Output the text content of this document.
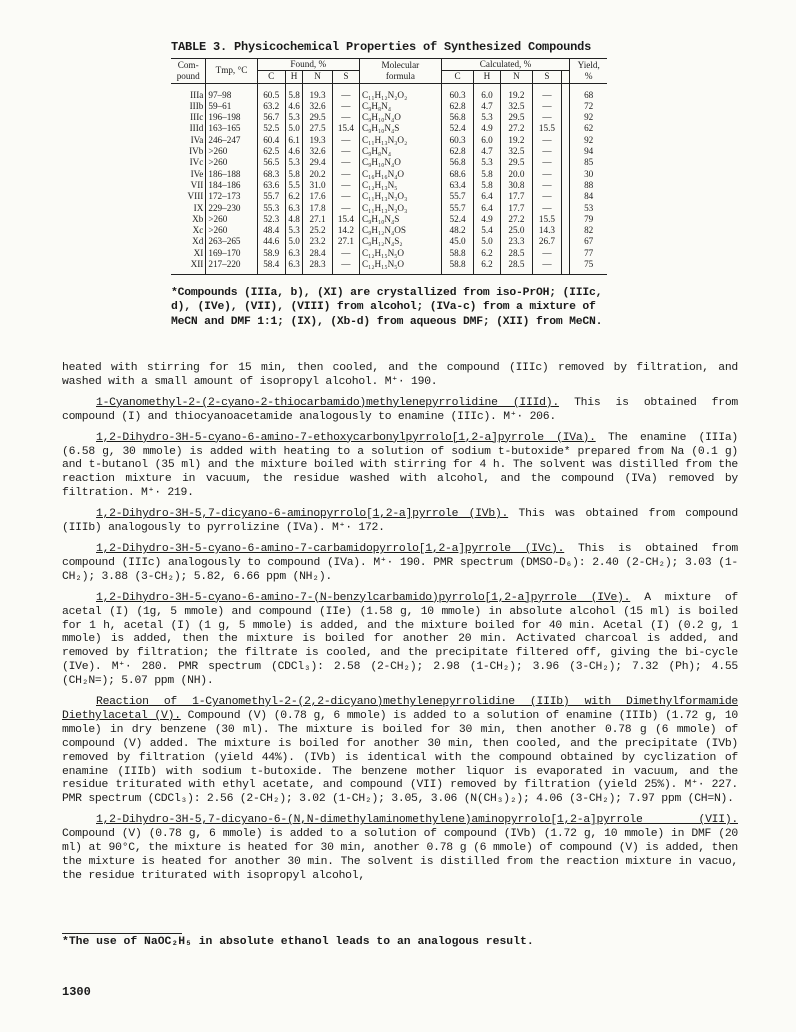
TABLE 3. Physicochemical Properties of Synthesized Compounds
Com-
pound	Tmp, °C	Found, %				Molecular
formula	Calculated, %					Yield,
%
		C	H	N	S		C	H	N	S		
IIIa	97–98	60.5	5.8	19.3	—	C₁₁H₁₂N₂O₂	60.3	6.0	19.2	—		68
IIIb	59–61	63.2	4.6	32.6	—	C₉H₈N₄	62.8	4.7	32.5	—		72
IIIc	196–198	56.7	5.3	29.5	—	C₉H₁₀N₄O	56.8	5.3	29.5	—		92
IIId	163–165	52.5	5.0	27.5	15.4	C₉H₁₀N₄S	52.4	4.9	27.2	15.5		62
IVa	246–247	60.4	6.1	19.3	—	C₁₁H₁₃N₃O₂	60.3	6.0	19.2	—		92
IVb	>260	62.5	4.6	32.6	—	C₉H₈N₄	62.8	4.7	32.5	—		94
IVc	>260	56.5	5.3	29.4	—	C₉H₁₀N₄O	56.8	5.3	29.5	—		85
IVe	186–188	68.3	5.8	20.2	—	C₁₆H₁₆N₄O	68.6	5.8	20.0	—		30
VII	184–186	63.6	5.5	31.0	—	C₁₂H₁₃N₅	63.4	5.8	30.8	—		88
VIII	172–173	55.7	6.2	17.6	—	C₁₁H₁₃N₃O₃	55.7	6.4	17.7	—		84
IX	229–230	55.3	6.3	17.8	—	C₁₁H₁₃N₃O₃	55.7	6.4	17.7	—		53
Xb	>260	52.3	4.8	27.1	15.4	C₉H₁₀N₄S	52.4	4.9	27.2	15.5		79
Xc	>260	48.4	5.3	25.2	14.2	C₉H₁₂N₄OS	48.2	5.4	25.0	14.3		82
Xd	263–265	44.6	5.0	23.2	27.1	C₉H₁₂N₄S₂	45.0	5.0	23.3	26.7		67
XI	169–170	58.9	6.3	28.4	—	C₁₂H₁₅N₅O	58.8	6.2	28.5	—		77
XII	217–220	58.4	6.3	28.3	—	C₁₂H₁₅N₅O	58.8	6.2	28.5	—		75
*Compounds (IIIa, b), (XI) are crystallized from iso-PrOH; (IIIc, d), (IVe), (VII), (VIII) from alcohol; (IVa-c) from a mixture of MeCN and DMF 1:1; (IX), (Xb-d) from aqueous DMF; (XII) from MeCN.

heated with stirring for 15 min, then cooled, and the compound (IIIc) removed by filtration, and washed with a small amount of isopropyl alcohol. M⁺· 190.

1-Cyanomethyl-2-(2-cyano-2-thiocarbamido)methylenepyrrolidine (IIId). This is obtained from compound (I) and thiocyanoacetamide analogously to enamine (IIIc). M⁺· 206.

1,2-Dihydro-3H-5-cyano-6-amino-7-ethoxycarbonylpyrrolo[1,2-a]pyrrole (IVa). The enamine (IIIa) (6.58 g, 30 mmole) is added with heating to a solution of sodium t-butoxide* prepared from Na (0.1 g) and t-butanol (35 ml) and the mixture boiled with stirring for 4 h. The solvent was distilled from the reaction mixture in vacuum, the residue washed with alcohol, and the compound (IVa) removed by filtration. M⁺· 219.

1,2-Dihydro-3H-5,7-dicyano-6-aminopyrrolo[1,2-a]pyrrole (IVb). This was obtained from compound (IIIb) analogously to pyrrolizine (IVa). M⁺· 172.

1,2-Dihydro-3H-5-cyano-6-amino-7-carbamidopyrrolo[1,2-a]pyrrole (IVc). This is obtained from compound (IIIc) analogously to compound (IVa). M⁺· 190. PMR spectrum (DMSO-D₆): 2.40 (2-CH₂); 3.03 (1-CH₂); 3.88 (3-CH₂); 5.82, 6.66 ppm (NH₂).

1,2-Dihydro-3H-5-cyano-6-amino-7-(N-benzylcarbamido)pyrrolo[1,2-a]pyrrole (IVe). A mixture of acetal (I) (1g, 5 mmole) and compound (IIe) (1.58 g, 10 mmole) in absolute alcohol (15 ml) is boiled for 1 h, acetal (I) (1 g, 5 mmole) is added, and the mixture boiled for 40 min. Acetal (I) (0.2 g, 1 mmole) is added, then the mixture is boiled for another 20 min. Activated charcoal is added, and removed by filtration; the filtrate is cooled, and the precipitate filtered off, giving the bi-cycle (IVe). M⁺· 280. PMR spectrum (CDCl₃): 2.58 (2-CH₂); 2.98 (1-CH₂); 3.96 (3-CH₂); 7.32 (Ph); 4.55 (CH₂N=); 5.07 ppm (NH).

Reaction of 1-Cyanomethyl-2-(2,2-dicyano)methylenepyrrolidine (IIIb) with Dimethylformamide Diethylacetal (V). Compound (V) (0.78 g, 6 mmole) is added to a solution of enamine (IIIb) (1.72 g, 10 mmole) in dry benzene (30 ml). The mixture is boiled for 30 min, then another 0.78 g (6 mmole) of compound (V) added. The mixture is boiled for another 30 min, then cooled, and the precipitate (IVb) removed by filtration (yield 44%). (IVb) is identical with the compound obtained by cyclization of enamine (IIIb) with sodium t-butoxide. The benzene mother liquor is evaporated in vacuum, and the residue triturated with ethyl acetate, and compound (VII) removed by filtration (yield 25%). M⁺· 227. PMR spectrum (CDCl₃): 2.56 (2-CH₂); 3.02 (1-CH₂); 3.05, 3.06 (N(CH₃)₂); 4.06 (3-CH₂); 7.97 ppm (CH=N).

1,2-Dihydro-3H-5,7-dicyano-6-(N,N-dimethylaminomethylene)aminopyrrolo[1,2-a]pyrrole (VII). Compound (V) (0.78 g, 6 mmole) is added to a solution of compound (IVb) (1.72 g, 10 mmole) in DMF (20 ml) at 90°C, the mixture is heated for 30 min, another 0.78 g (6 mmole) of compound (V) is added, then the mixture is heated for another 30 min. The solvent is distilled from the reaction mixture in vacuo, the residue triturated with isopropyl alcohol,

*The use of NaOC₂H₅ in absolute ethanol leads to an analogous result.
1300
